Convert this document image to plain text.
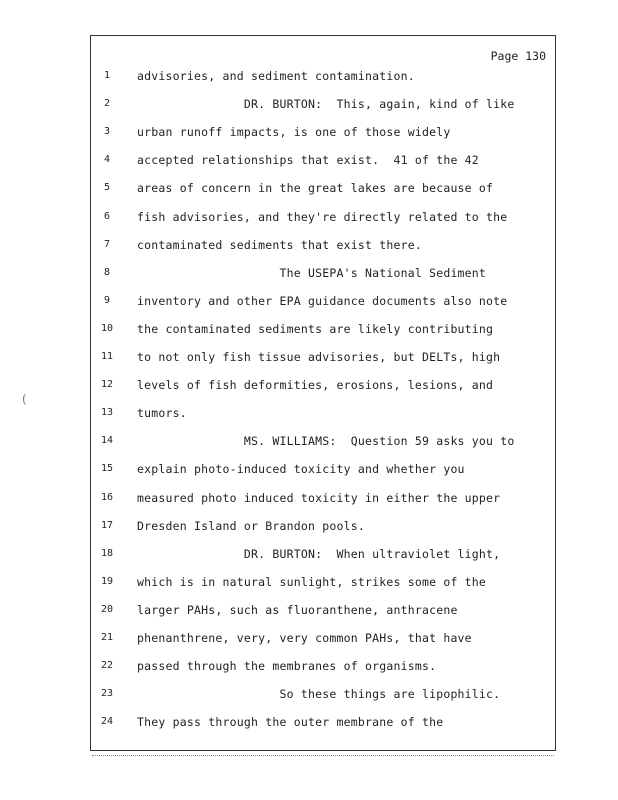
Page 130
1	advisories, and sediment contamination.
2	DR. BURTON:  This, again, kind of like
3	urban runoff impacts, is one of those widely
4	accepted relationships that exist.  41 of the 42
5	areas of concern in the great lakes are because of
6	fish advisories, and they're directly related to the
7	contaminated sediments that exist there.
8	The USEPA's National Sediment
9	inventory and other EPA guidance documents also note
10 the contaminated sediments are likely contributing
11 to not only fish tissue advisories, but DELTs, high
12 levels of fish deformities, erosions, lesions, and
13 tumors.
14 MS. WILLIAMS:  Question 59 asks you to
15 explain photo-induced toxicity and whether you
16 measured photo induced toxicity in either the upper
17 Dresden Island or Brandon pools.
18 DR. BURTON:  When ultraviolet light,
19 which is in natural sunlight, strikes some of the
20 larger PAHs, such as fluoranthene, anthracene
21 phenanthrene, very, very common PAHs, that have
22 passed through the membranes of organisms.
23 So these things are lipophilic.
24 They pass through the outer membrane of the
(
